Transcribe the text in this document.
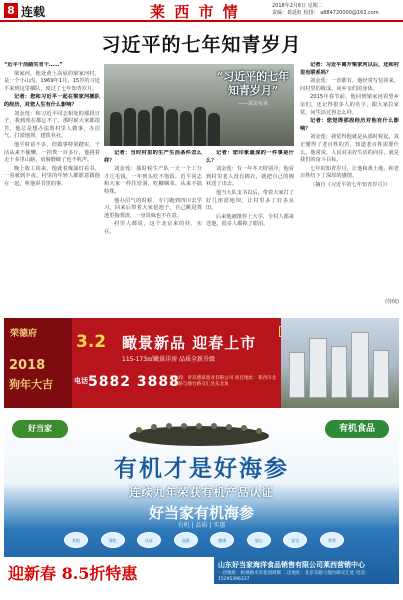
8 连载	莱 西 市 情	2018年2月6日 星期二
责编：葛延虹 校排： a884720000@163.com
习近平的七年知青岁月

“近平干活踏实肯干……”

梁家河，地处黄土高原的梁家河村，是一个小山沟。1969年1月，15岁的习近平来到这里插队，度过了七年知青岁月。

记者：您和习近平一起在梁家河插队的经历，对您人生有什么影响？

刘金莲：和习近平同志相处的那段日子，我到现在都忘不了。那时候大家都很苦，他总是想办法帮村里人做事，办沼气、打淤地坝、建铁业社。

他平时话不多，但做事特别踏实，干活从来不偷懒，一担粪一百多斤，他挑着走十多里山路，肩膀磨破了也不吭声。

晚上收工回来，他就着煤油灯看书，一看就到半夜。村里的年轻人都愿意跟他在一起，听他讲书里的事。

“习近平的七年
知青岁月”
——采访实录

记者：当时村里的生产生活条件怎么样？

刘金莲：那时候生产队一天一个工分才几毛钱，一年到头吃不饱饭。近平同志和大家一样住窑洞、吃糠咽菜，从来不搞特殊。

他办沼气的时候，专门跑到四川去学习，回来后带着大家挖池子，自己跳进粪池里掏粪渣，一身臭味也不在意。

村里人都说，这个北京来的娃，实在。

记者：您印象最深的一件事是什么？

刘金莲：有一年冬天特别冷，他看到村里老人没有棉衣，就把自己的棉袄送了出去。

他当大队支书以后，带着大家打了好几座淤地坝，让村里多了好多良田。

后来他被推荐上大学，全村人都来送他，很多人都掉了眼泪。

记者：习近平离开梁家河以后，还和村里有联系吗？

刘金莲：一直都有。他经常写信回来，问村里的收成，问乡亲们的身体。

2015年春节前，他回到梁家河看望乡亲们，还记得很多人的名字，跟大家拉家常，问生活过得怎么样。

记者：您觉得那段经历对他有什么影响？

刘金莲：我觉得他就是从那时候起，真正懂得了老百姓的苦，知道老百姓需要什么。他常说，人民对美好生活的向往，就是我们的奋斗目标。

七年的知青岁月，让他和黄土地、和老百姓结下了深厚的感情。

（摘自《习近平的七年知青岁月》）

(待续)
荣德府
2018
狗年大吉
3.2 瞰景新品 迎春上市
115-173㎡瞰景洋房 品质全新升级
电话 5882 3888
开发商：青岛德泰置业有限公司 项目地址：莱西市北京东路与烟台路交汇处东北角
好当家	有机食品
有机才是好海参
连续九年荣获有机产品认证
好当家有机海参
有机 | 品质 | 实惠
有机	绿色	认证	品质	健康	放心	安全	营养
迎新春 8.5折特惠	山东好当家海洋食品销售有限公司莱西营销中心
一店地址：杭州路水岸花园商铺 二店地址：北京东路与烟台路交汇处 电话：15295396337
